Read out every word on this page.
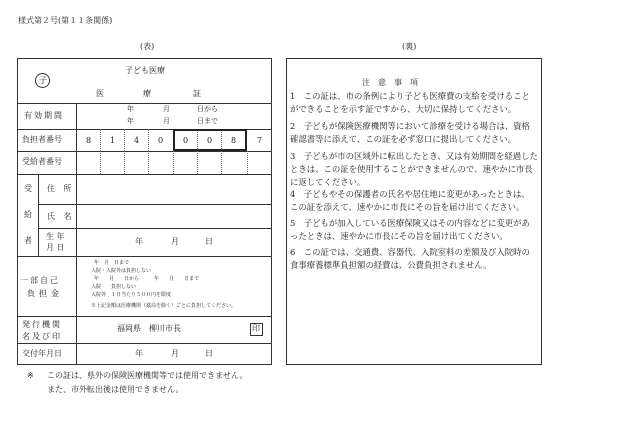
様式第２号(第１１条関係)
(表)	(裏)
子
子ども医療
医	療	証
有効期間
年	月	日から
年	月	日まで
負担者番号	8 1 4 0 0 0 8	7
受給者番号
受
給
者
住 所
氏 名
生 年
月 日
年	月	日
一部自己
負担金
年　月　日まで
入院・入院外は負担しない
年　　月　　日から　　　年　　月　　日まで
入院　　負担しない
入院外　１日当たり５００円を限度
※上記金額は医療機関（薬局を除く）ごとに負担してください。
発行機関
名及び印
福岡県　柳川市長	印
交付年月日	年	月	日
注　意　事　項
1　 この証は、市の条例により子ども医療費の支給を受けることができることを示す証ですから、大切に保持してください。
2　 子どもが保険医療機関等において診療を受ける場合は、資格確認書等に添えて、この証を必ず窓口に提出してください。
3　 子どもが市の区域外に転出したとき、又は有効期間を経過したときは、この証を使用することができませんので、速やかに市長に返してください。
4　 子どもやその保護者の氏名や居住地に変更があったときは、この証を添えて、速やかに市長にその旨を届け出てください。
5　 子どもが加入している医療保険又はその内容などに変更があったときは、速やかに市長にその旨を届け出てください。
6　 この証では、交通費、容器代、入院室料の差額及び入院時の食事療養標準負担額の経費は、公費負担されません。
※ この証は、県外の保険医療機関等では使用できません。
また、市外転出後は使用できません。
